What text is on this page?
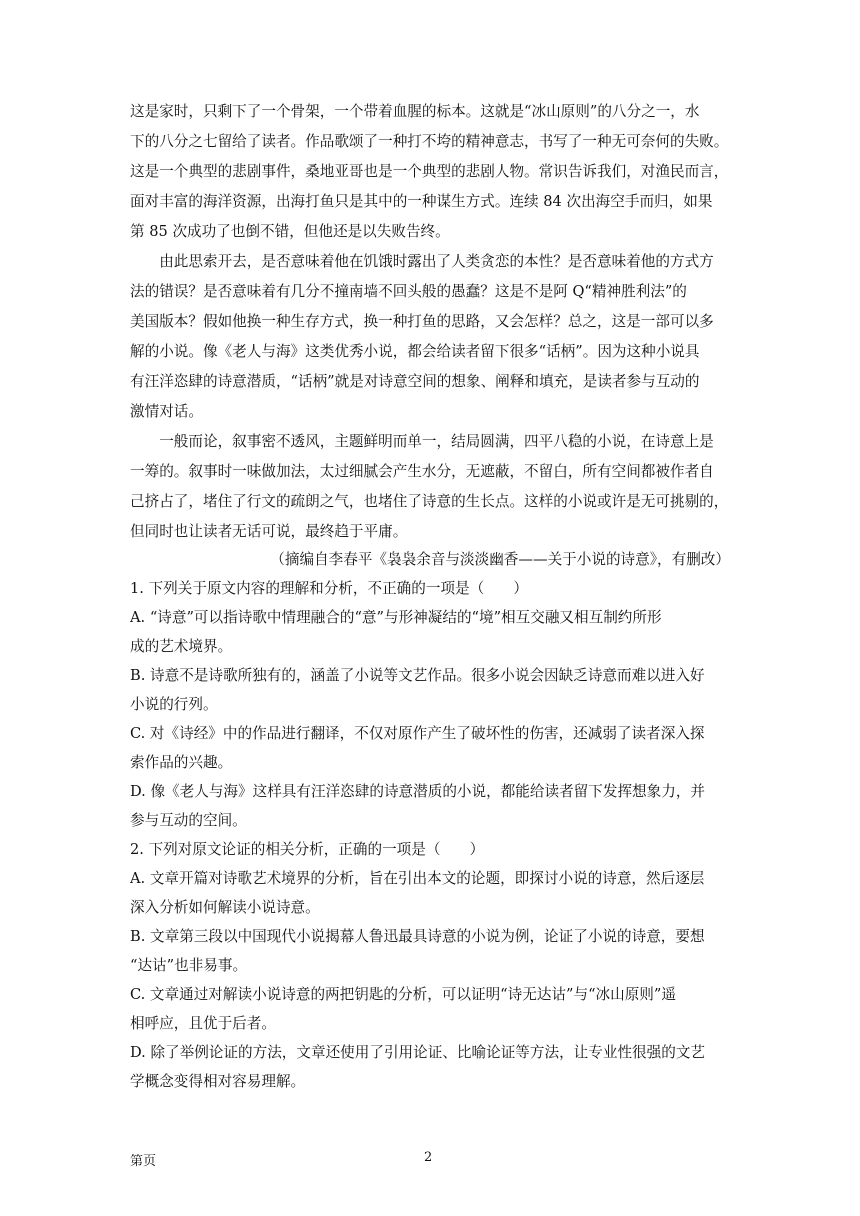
这是家时，只剩下了一个骨架，一个带着血腥的标本。这就是“冰山原则”的八分之一，水
下的八分之七留给了读者。作品歌颂了一种打不垮的精神意志，书写了一种无可奈何的失败。
这是一个典型的悲剧事件，桑地亚哥也是一个典型的悲剧人物。常识告诉我们，对渔民而言，
面对丰富的海洋资源，出海打鱼只是其中的一种谋生方式。连续 84 次出海空手而归，如果
第 85 次成功了也倒不错，但他还是以失败告终。
　　由此思索开去，是否意味着他在饥饿时露出了人类贪恋的本性？是否意味着他的方式方
法的错误？是否意味着有几分不撞南墙不回头般的愚蠢？这是不是阿 Q“精神胜利法”的
美国版本？假如他换一种生存方式，换一种打鱼的思路，又会怎样？总之，这是一部可以多
解的小说。像《老人与海》这类优秀小说，都会给读者留下很多“话柄”。因为这种小说具
有汪洋恣肆的诗意潜质，“话柄”就是对诗意空间的想象、阐释和填充，是读者参与互动的
激情对话。
　　一般而论，叙事密不透风，主题鲜明而单一，结局圆满，四平八稳的小说，在诗意上是
一筹的。叙事时一味做加法，太过细腻会产生水分，无遮蔽，不留白，所有空间都被作者自
己挤占了，堵住了行文的疏朗之气，也堵住了诗意的生长点。这样的小说或许是无可挑剔的，
但同时也让读者无话可说，最终趋于平庸。
（摘编自李春平《袅袅余音与淡淡幽香——关于小说的诗意》，有删改）
1. 下列关于原文内容的理解和分析，不正确的一项是（　　）
A. “诗意”可以指诗歌中情理融合的“意”与形神凝结的“境”相互交融又相互制约所形
成的艺术境界。
B. 诗意不是诗歌所独有的，涵盖了小说等文艺作品。很多小说会因缺乏诗意而难以进入好
小说的行列。
C. 对《诗经》中的作品进行翻译，不仅对原作产生了破坏性的伤害，还减弱了读者深入探
索作品的兴趣。
D. 像《老人与海》这样具有汪洋恣肆的诗意潜质的小说，都能给读者留下发挥想象力，并
参与互动的空间。
2. 下列对原文论证的相关分析，正确的一项是（　　）
A. 文章开篇对诗歌艺术境界的分析，旨在引出本文的论题，即探讨小说的诗意，然后逐层
深入分析如何解读小说诗意。
B. 文章第三段以中国现代小说揭幕人鲁迅最具诗意的小说为例，论证了小说的诗意，要想
“达诂”也非易事。
C. 文章通过对解读小说诗意的两把钥匙的分析，可以证明“诗无达诂”与“冰山原则”遥
相呼应，且优于后者。
D. 除了举例论证的方法，文章还使用了引用论证、比喻论证等方法，让专业性很强的文艺
学概念变得相对容易理解。
第页	2
